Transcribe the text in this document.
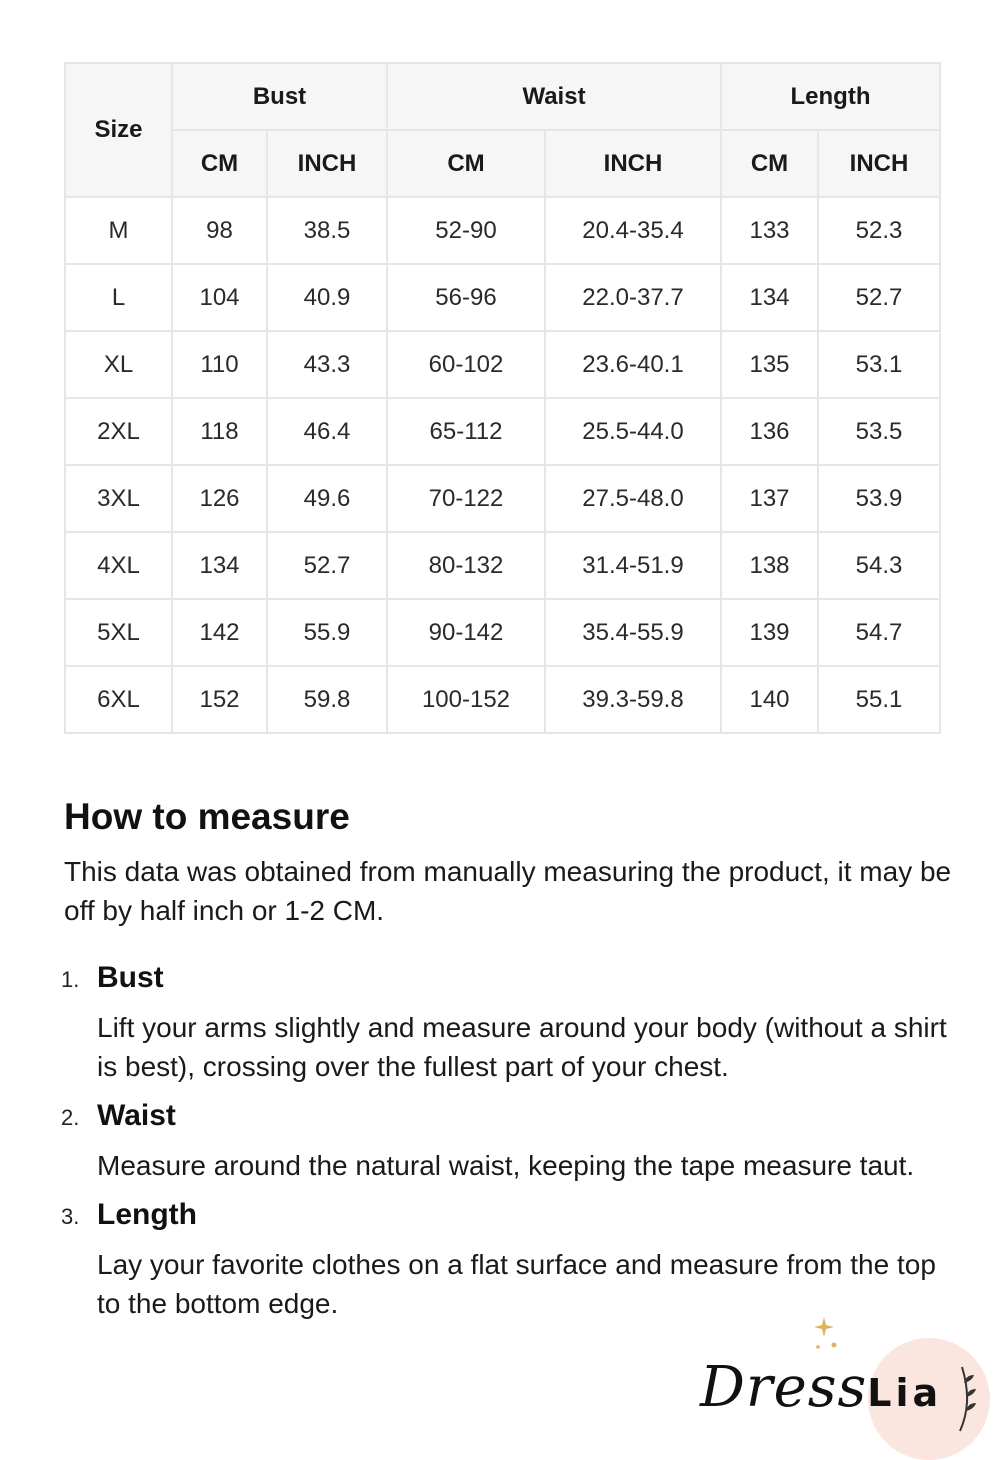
Size	Bust		Waist		Length	
	CM	INCH	CM	INCH	CM	INCH
M	98	38.5	52-90	20.4-35.4	133	52.3
L	104	40.9	56-96	22.0-37.7	134	52.7
XL	110	43.3	60-102	23.6-40.1	135	53.1
2XL	118	46.4	65-112	25.5-44.0	136	53.5
3XL	126	49.6	70-122	27.5-48.0	137	53.9
4XL	134	52.7	80-132	31.4-51.9	138	54.3
5XL	142	55.9	90-142	35.4-55.9	139	54.7
6XL	152	59.8	100-152	39.3-59.8	140	55.1
How to measure

This data was obtained from manually measuring the product, it may be off by half inch or 1-2 CM.

1. Bust

Lift your arms slightly and measure around your body (without a shirt is best), crossing over the fullest part of your chest.

2. Waist

Measure around the natural waist, keeping the tape measure taut.

3. Length

Lay your favorite clothes on a flat surface and measure from the top to the bottom edge.

DressLia
